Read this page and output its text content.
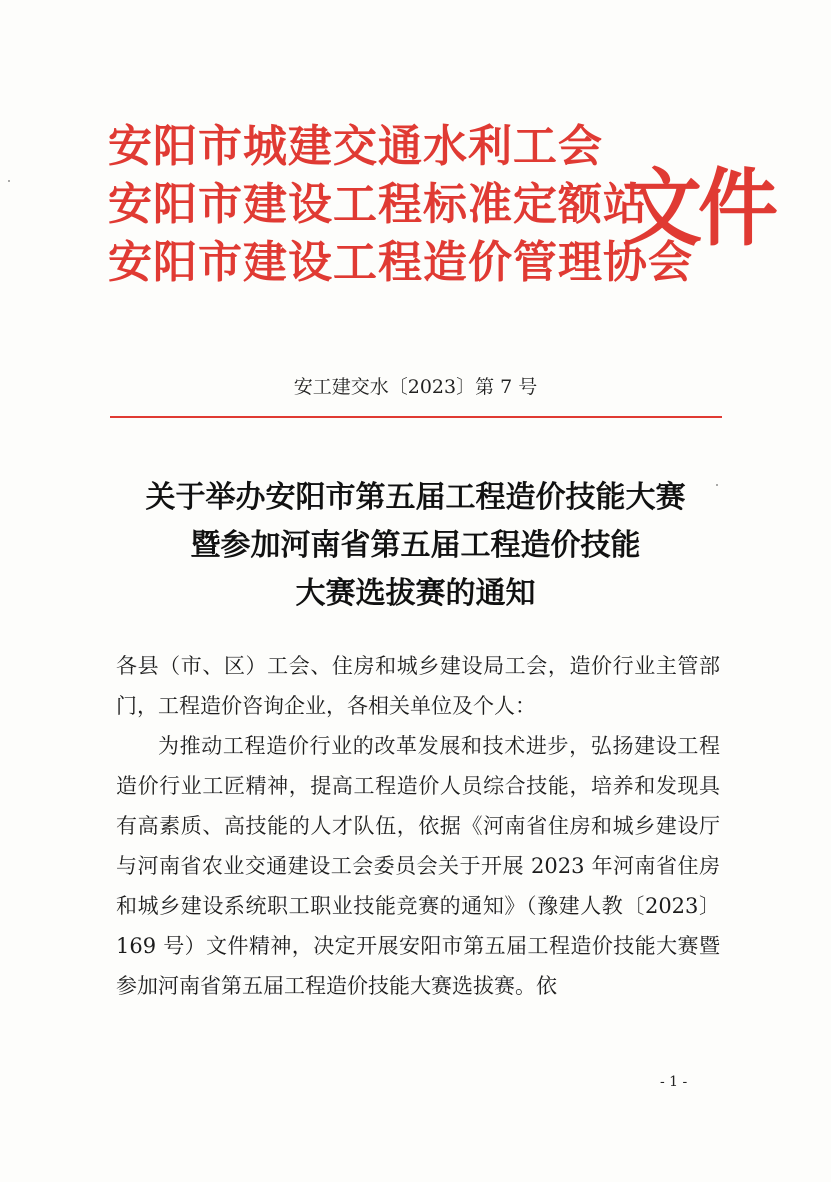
安阳市城建交通水利工会
安阳市建设工程标准定额站
安阳市建设工程造价管理协会
文件
安工建交水〔2023〕第 7 号
关于举办安阳市第五届工程造价技能大赛
暨参加河南省第五届工程造价技能
大赛选拔赛的通知

各县（市、区）工会、住房和城乡建设局工会，造价行业主管部门，工程造价咨询企业，各相关单位及个人：

为推动工程造价行业的改革发展和技术进步，弘扬建设工程造价行业工匠精神，提高工程造价人员综合技能，培养和发现具有高素质、高技能的人才队伍，依据《河南省住房和城乡建设厅与河南省农业交通建设工会委员会关于开展 2023 年河南省住房和城乡建设系统职工职业技能竞赛的通知》（豫建人教〔2023〕169 号）文件精神，决定开展安阳市第五届工程造价技能大赛暨参加河南省第五届工程造价技能大赛选拔赛。依

- 1 -
